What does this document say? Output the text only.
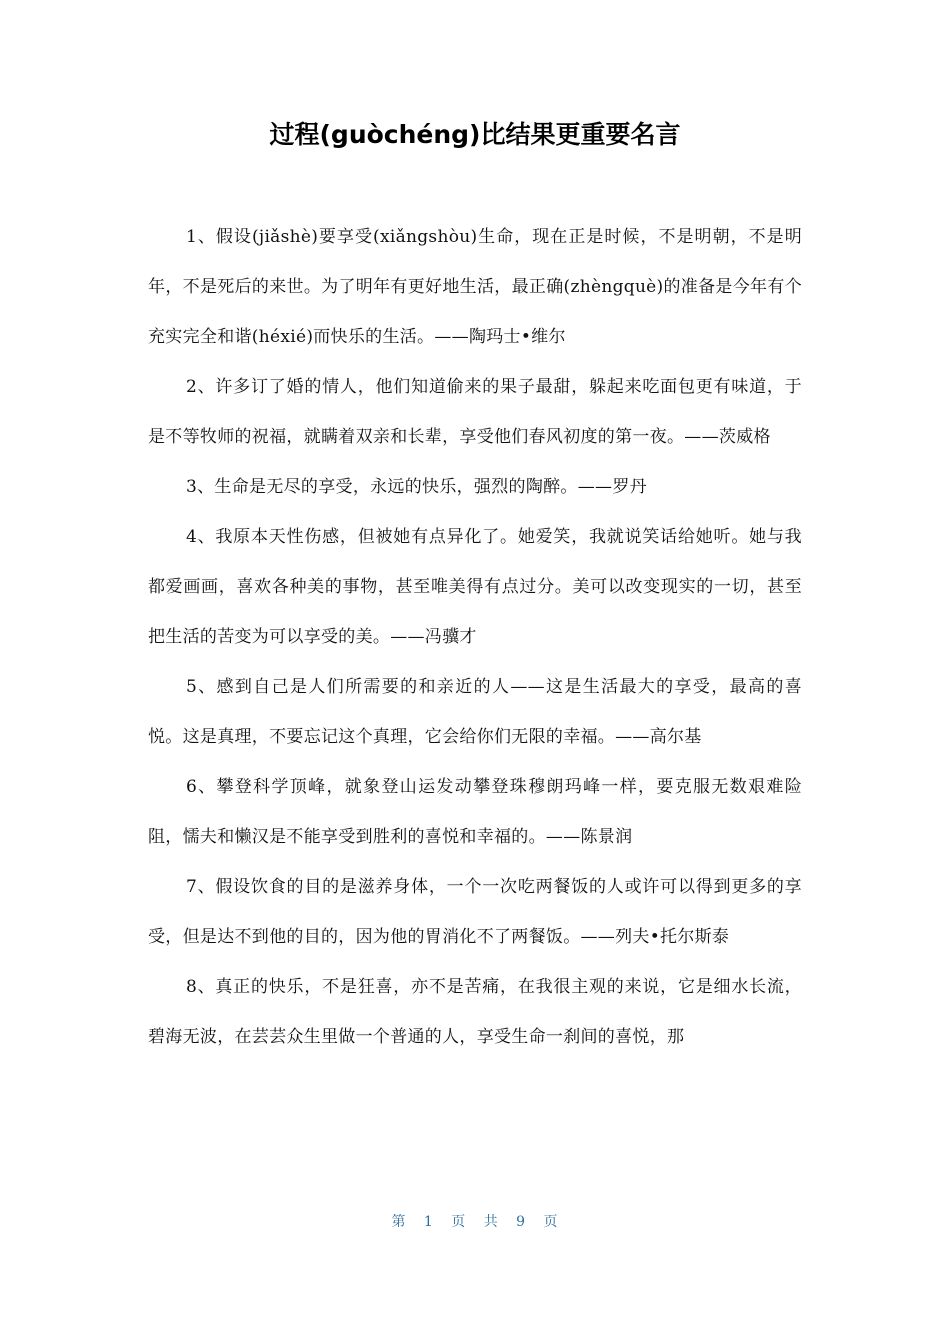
过程(guòchéng)比结果更重要名言

1、假设(jiǎshè)要享受(xiǎngshòu)生命，现在正是时候，不是明朝，不是明年，不是死后的来世。为了明年有更好地生活，最正确(zhèngquè)的准备是今年有个充实完全和谐(héxié)而快乐的生活。——陶玛士•维尔

2、许多订了婚的情人，他们知道偷来的果子最甜，躲起来吃面包更有味道，于是不等牧师的祝福，就瞒着双亲和长辈，享受他们春风初度的第一夜。——茨威格

3、生命是无尽的享受，永远的快乐，强烈的陶醉。——罗丹

4、我原本天性伤感，但被她有点异化了。她爱笑，我就说笑话给她听。她与我都爱画画，喜欢各种美的事物，甚至唯美得有点过分。美可以改变现实的一切，甚至把生活的苦变为可以享受的美。——冯骥才

5、感到自己是人们所需要的和亲近的人——这是生活最大的享受，最高的喜悦。这是真理，不要忘记这个真理，它会给你们无限的幸福。——高尔基

6、攀登科学顶峰，就象登山运发动攀登珠穆朗玛峰一样，要克服无数艰难险阻，懦夫和懒汉是不能享受到胜利的喜悦和幸福的。——陈景润

7、假设饮食的目的是滋养身体，一个一次吃两餐饭的人或许可以得到更多的享受，但是达不到他的目的，因为他的胃消化不了两餐饭。——列夫•托尔斯泰

8、真正的快乐，不是狂喜，亦不是苦痛，在我很主观的来说，它是细水长流，碧海无波，在芸芸众生里做一个普通的人，享受生命一刹间的喜悦，那

第 1 页 共 9 页
